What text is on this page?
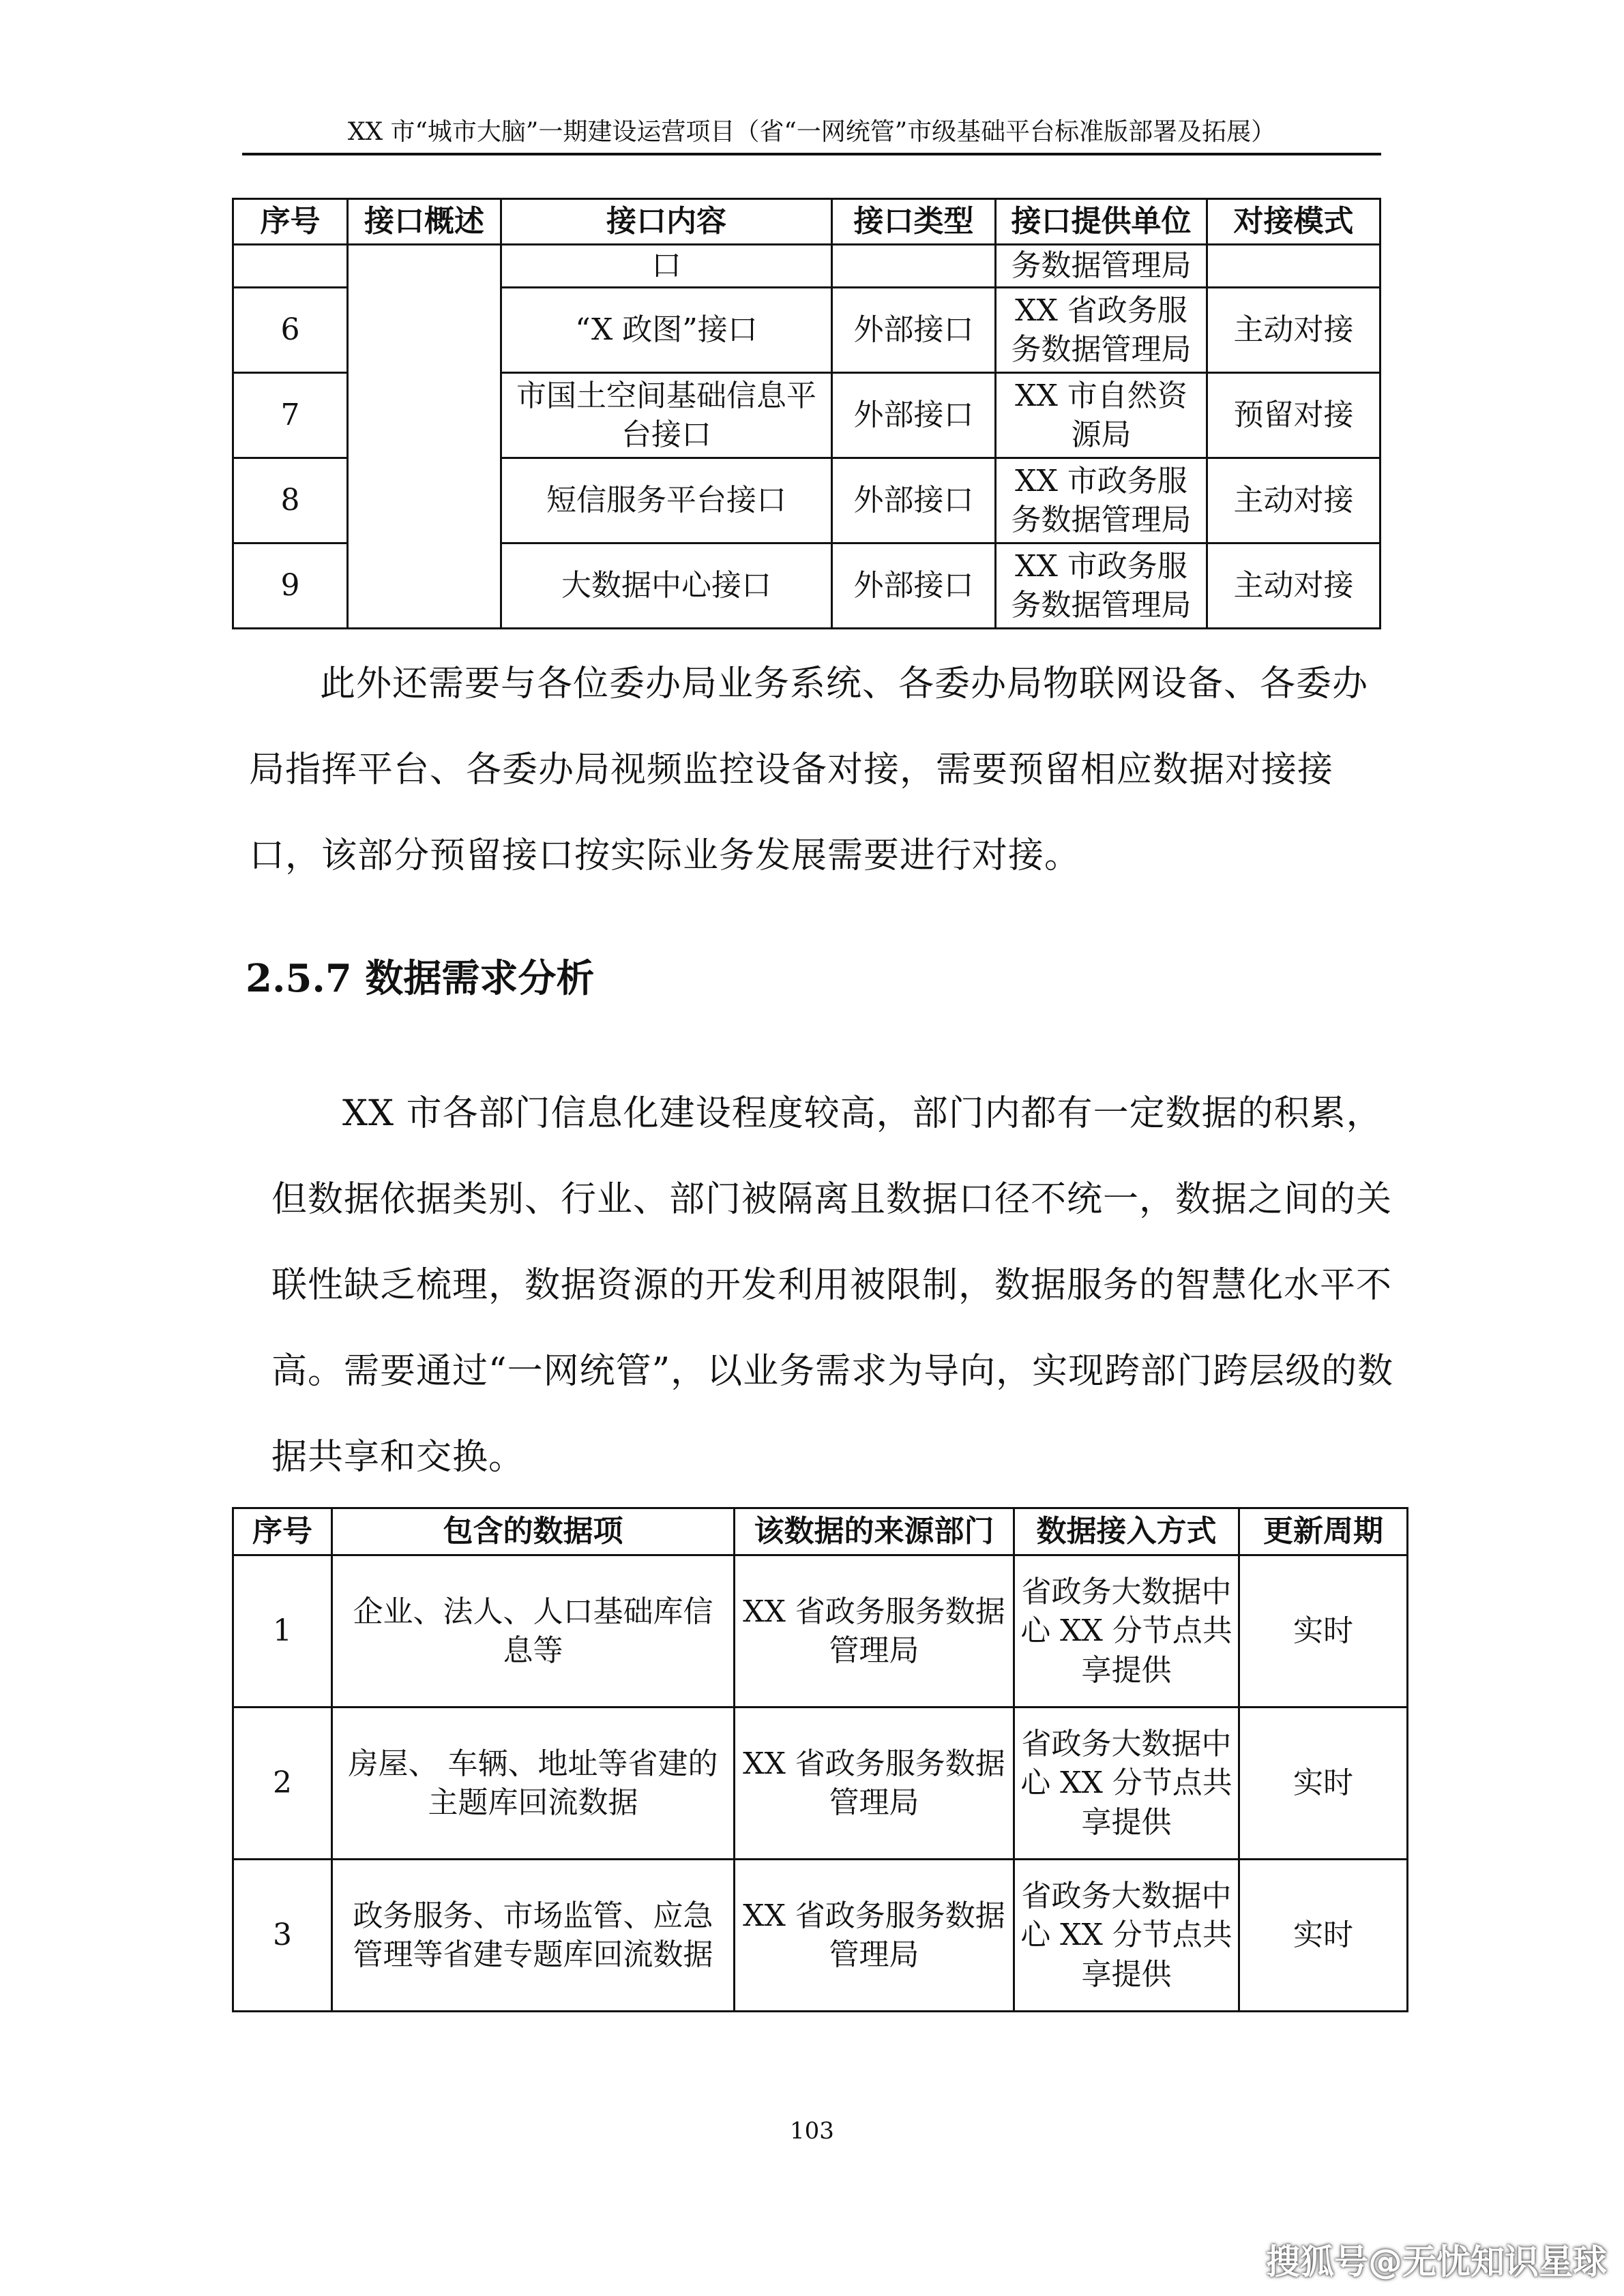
XX 市“城市大脑”一期建设运营项目（省“一网统管”市级基础平台标准版部署及拓展）
序号	接口概述	接口内容	接口类型	接口提供单位	对接模式
		口		务数据管理局	
6		“X 政图”接口	外部接口	XX 省政务服务数据管理局	主动对接
7		市国土空间基础信息平台接口	外部接口	XX 市自然资源局	预留对接
8		短信服务平台接口	外部接口	XX 市政务服务数据管理局	主动对接
9		大数据中心接口	外部接口	XX 市政务服务数据管理局	主动对接
此外还需要与各位委办局业务系统、各委办局物联网设备、各委办局指挥平台、各委办局视频监控设备对接，需要预留相应数据对接接口，该部分预留接口按实际业务发展需要进行对接。
2.5.7 数据需求分析
XX 市各部门信息化建设程度较高，部门内都有一定数据的积累，但数据依据类别、行业、部门被隔离且数据口径不统一，数据之间的关联性缺乏梳理，数据资源的开发利用被限制，数据服务的智慧化水平不高。需要通过“一网统管”，以业务需求为导向，实现跨部门跨层级的数据共享和交换。
序号	包含的数据项	该数据的来源部门	数据接入方式	更新周期
1	企业、法人、人口基础库信息等	XX 省政务服务数据管理局	省政务大数据中心 XX 分节点共享提供	实时
2	房屋、 车辆、地址等省建的主题库回流数据	XX 省政务服务数据管理局	省政务大数据中心 XX 分节点共享提供	实时
3	政务服务、市场监管、应急管理等省建专题库回流数据	XX 省政务服务数据管理局	省政务大数据中心 XX 分节点共享提供	实时
103
搜狐号@无忧知识星球
